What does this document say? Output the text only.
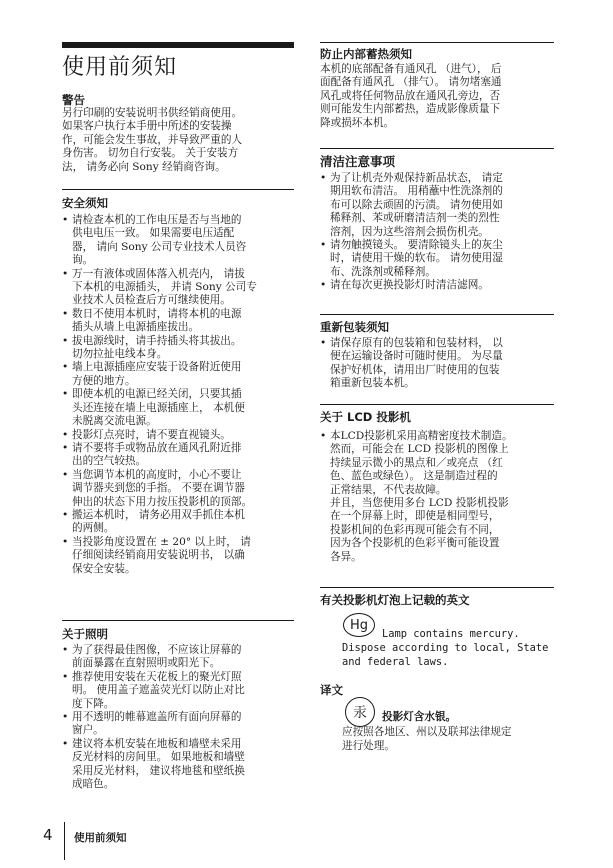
使用前须知
警告
另行印刷的安装说明书供经销商使用。
如果客户执行本手册中所述的安装操
作，可能会发生事故，并导致严重的人
身伤害。 切勿自行安装。 关于安装方
法， 请务必向 Sony 经销商咨询。
安全须知
• 请检查本机的工作电压是否与当地的
供电电压一致。 如果需要电压适配
器， 请向 Sony 公司专业技术人员咨
询。
• 万一有液体或固体落入机壳内， 请拔
下本机的电源插头， 并请 Sony 公司专
业技术人员检查后方可继续使用。
• 数日不使用本机时，请将本机的电源
插头从墙上电源插座拔出。
• 拔电源线时，请手持插头将其拔出。
切勿拉扯电线本身。
• 墙上电源插座应安装于设备附近使用
方便的地方。
• 即使本机的电源已经关闭，只要其插
头还连接在墙上电源插座上， 本机便
未脱离交流电源。
• 投影灯点亮时，请不要直视镜头。
• 请不要将手或物品放在通风孔附近排
出的空气较热。
• 当您调节本机的高度时，小心不要让
调节器夹到您的手指。 不要在调节器
伸出的状态下用力按压投影机的顶部。
• 搬运本机时， 请务必用双手抓住本机
的两侧。
• 当投影角度设置在 ± 20° 以上时， 请
仔细阅读经销商用安装说明书， 以确
保安全安装。
关于照明
• 为了获得最佳图像，不应该让屏幕的
前面暴露在直射照明或阳光下。
• 推荐使用安装在天花板上的聚光灯照
明。 使用盖子遮盖荧光灯以防止对比
度下降。
• 用不透明的帷幕遮盖所有面向屏幕的
窗户。
• 建议将本机安装在地板和墙壁未采用
反光材料的房间里。 如果地板和墙壁
采用反光材料， 建议将地毯和壁纸换
成暗色。
防止内部蓄热须知
本机的底部配备有通风孔 （进气）， 后
面配备有通风孔 （排气）。 请勿堵塞通
风孔或将任何物品放在通风孔旁边，否
则可能发生内部蓄热，造成影像质量下
降或损坏本机。
清洁注意事项
• 为了让机壳外观保持新品状态， 请定
期用软布清洁。 用稍蘸中性洗涤剂的
布可以除去顽固的污渍。 请勿使用如
稀释剂、苯或研磨清洁剂一类的烈性
溶剂，因为这些溶剂会损伤机壳。
• 请勿触摸镜头。 要清除镜头上的灰尘
时，请使用干燥的软布。 请勿使用湿
布、洗涤剂或稀释剂。
• 请在每次更换投影灯时清洁滤网。
重新包装须知
• 请保存原有的包装箱和包装材料， 以
便在运输设备时可随时使用。 为尽量
保护好机体，请用出厂时使用的包装
箱重新包装本机。
关于 LCD 投影机
• 本LCD投影机采用高精密度技术制造。
然而，可能会在 LCD 投影机的图像上
持续显示微小的黑点和／或亮点 （红
色、蓝色或绿色）。 这是制造过程的
正常结果，不代表故障。
并且，当您使用多台 LCD 投影机投影
在一个屏幕上时，即使是相同型号，
投影机间的色彩再现可能会有不同，
因为各个投影机的色彩平衡可能设置
各异。
有关投影机灯泡上记载的英文
Hg
Lamp contains mercury.
Dispose according to local, State
and federal laws.
译文
汞	投影灯含水银。
应按照各地区、州以及联邦法律规定
进行处理。
4 使用前须知
